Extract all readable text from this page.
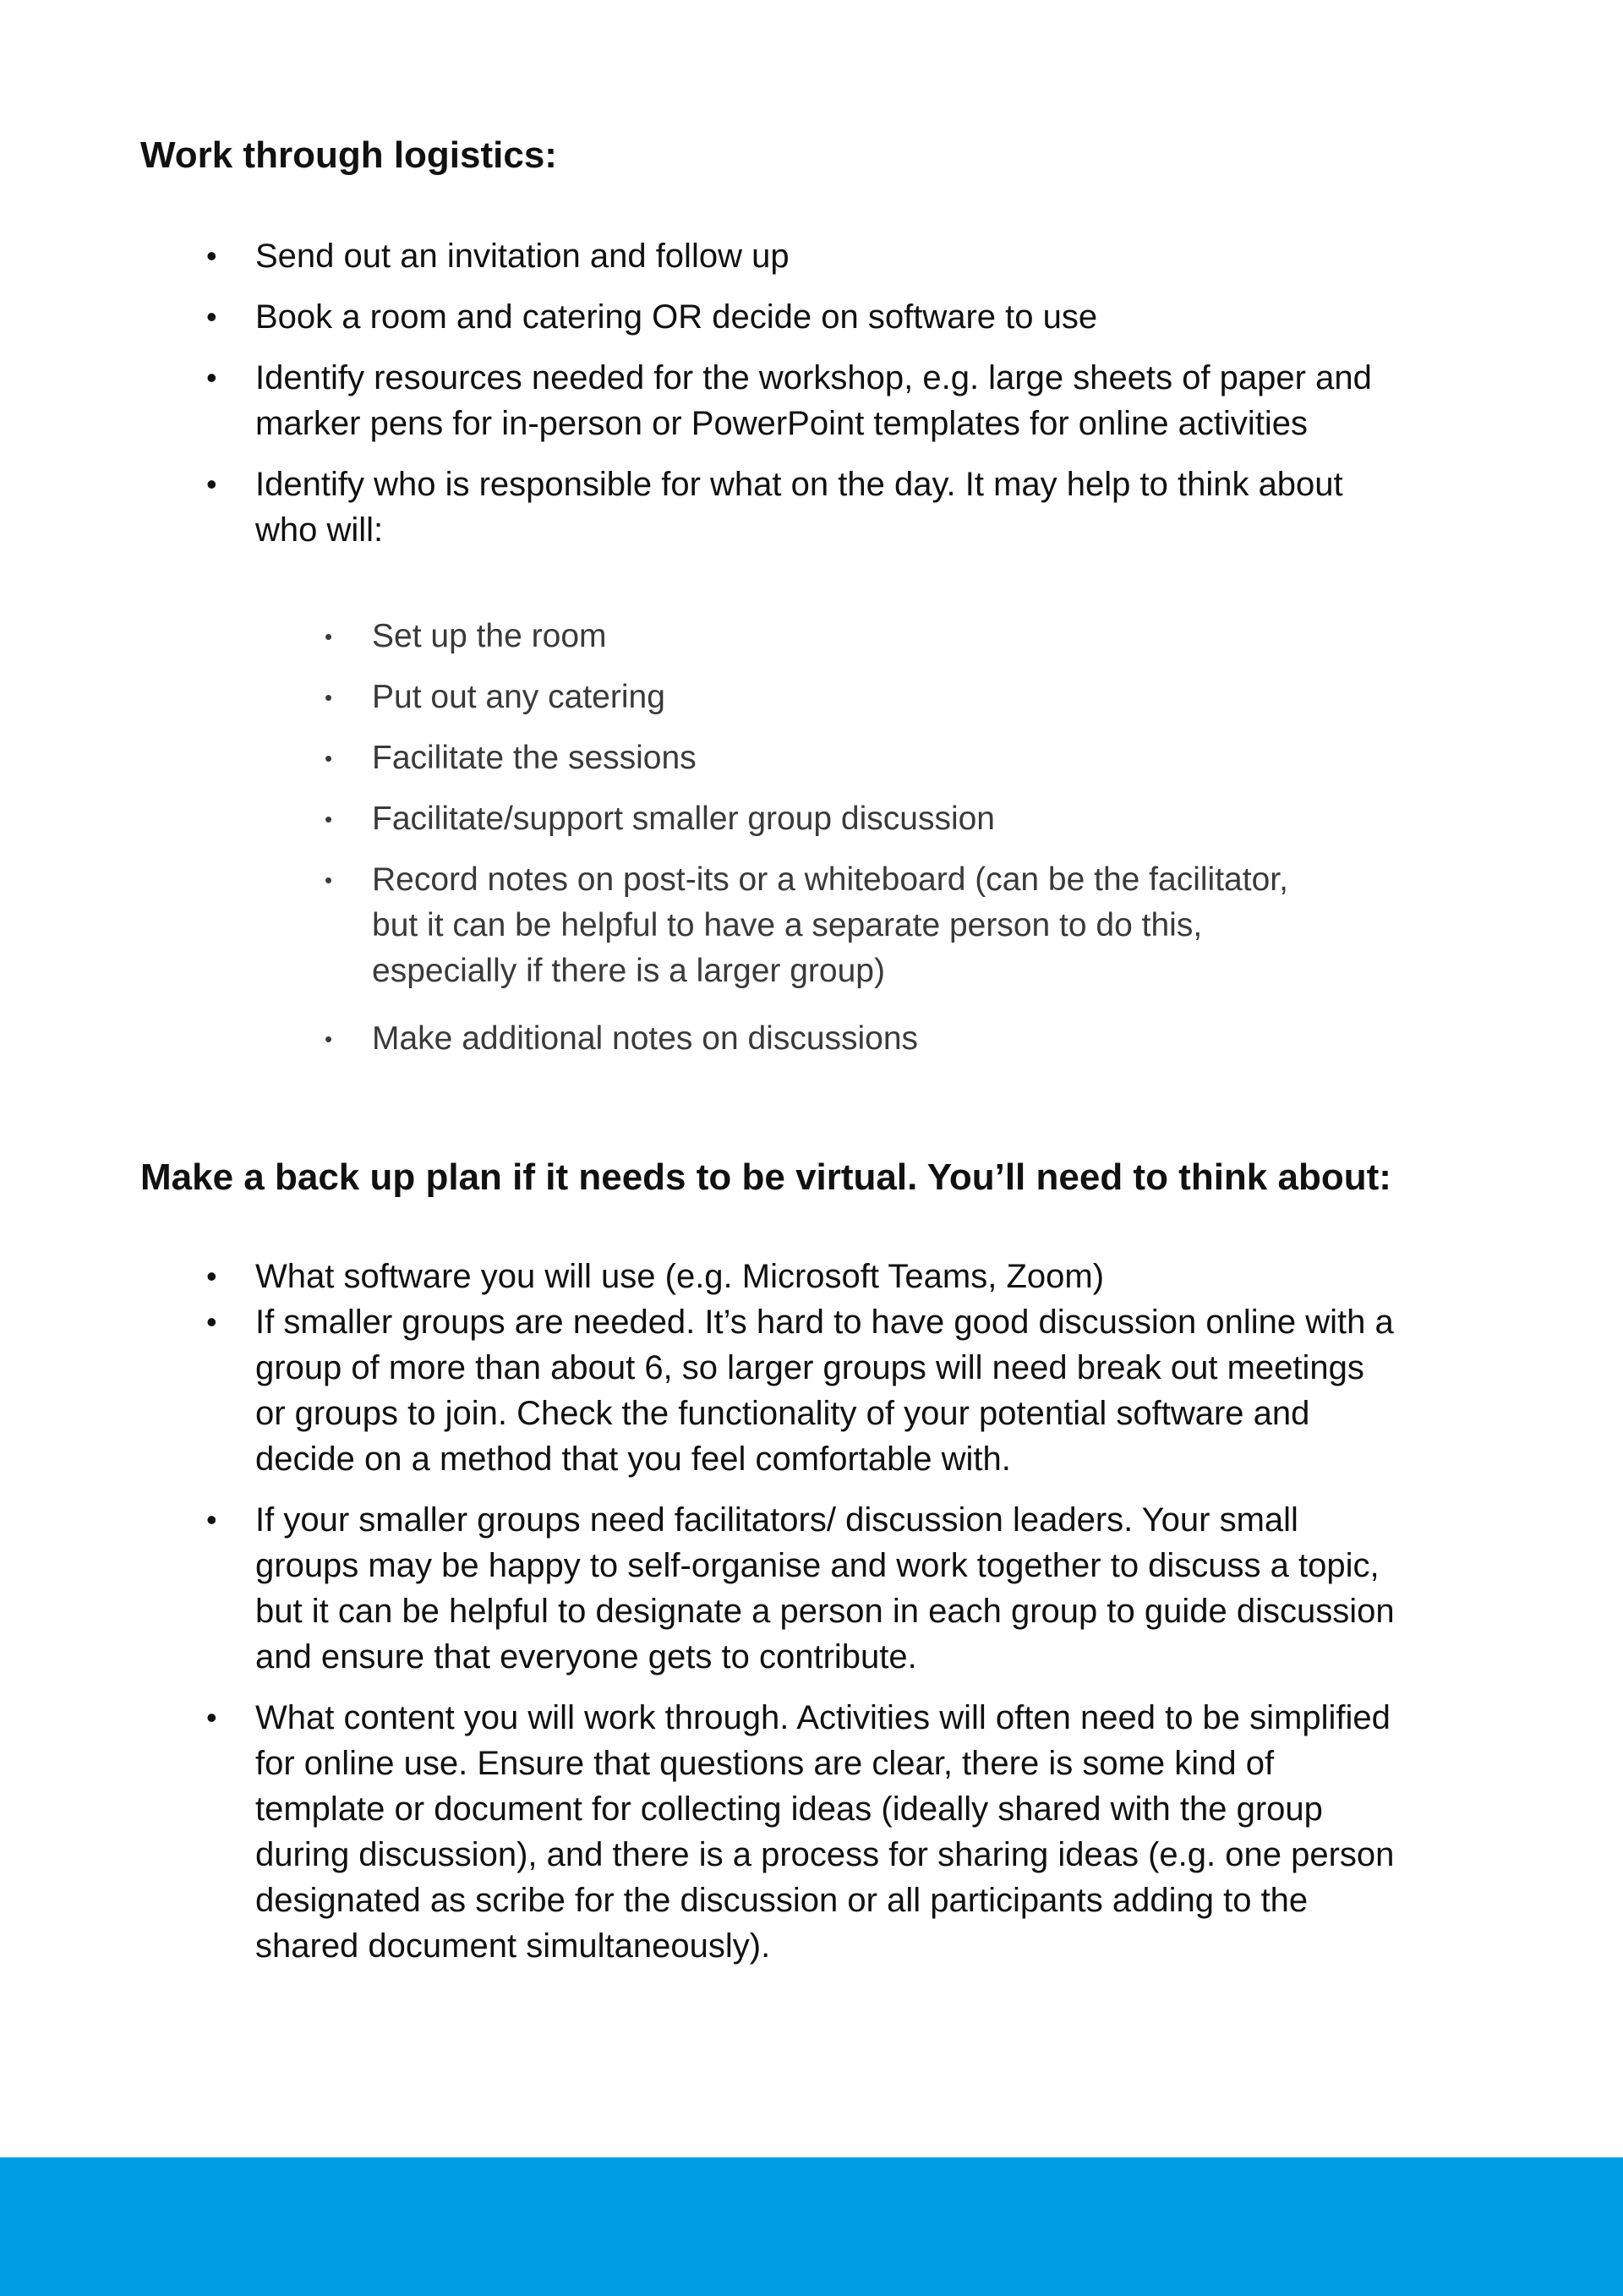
Work through logistics:
• Send out an invitation and follow up
• Book a room and catering OR decide on software to use
• Identify resources needed for the workshop, e.g. large sheets of paper and marker pens for in-person or PowerPoint templates for online activities
• Identify who is responsible for what on the day. It may help to think about who will:
• Set up the room
• Put out any catering
• Facilitate the sessions
• Facilitate/support smaller group discussion
• Record notes on post-its or a whiteboard (can be the facilitator, but it can be helpful to have a separate person to do this, especially if there is a larger group)
• Make additional notes on discussions
Make a back up plan if it needs to be virtual. You’ll need to think about:
• What software you will use (e.g. Microsoft Teams, Zoom)
• If smaller groups are needed. It’s hard to have good discussion online with a group of more than about 6, so larger groups will need break out meetings or groups to join. Check the functionality of your potential software and decide on a method that you feel comfortable with.
• If your smaller groups need facilitators/ discussion leaders. Your small groups may be happy to self-organise and work together to discuss a topic, but it can be helpful to designate a person in each group to guide discussion and ensure that everyone gets to contribute.
• What content you will work through. Activities will often need to be simplified for online use. Ensure that questions are clear, there is some kind of template or document for collecting ideas (ideally shared with the group during discussion), and there is a process for sharing ideas (e.g. one person designated as scribe for the discussion or all participants adding to the shared document simultaneously).
